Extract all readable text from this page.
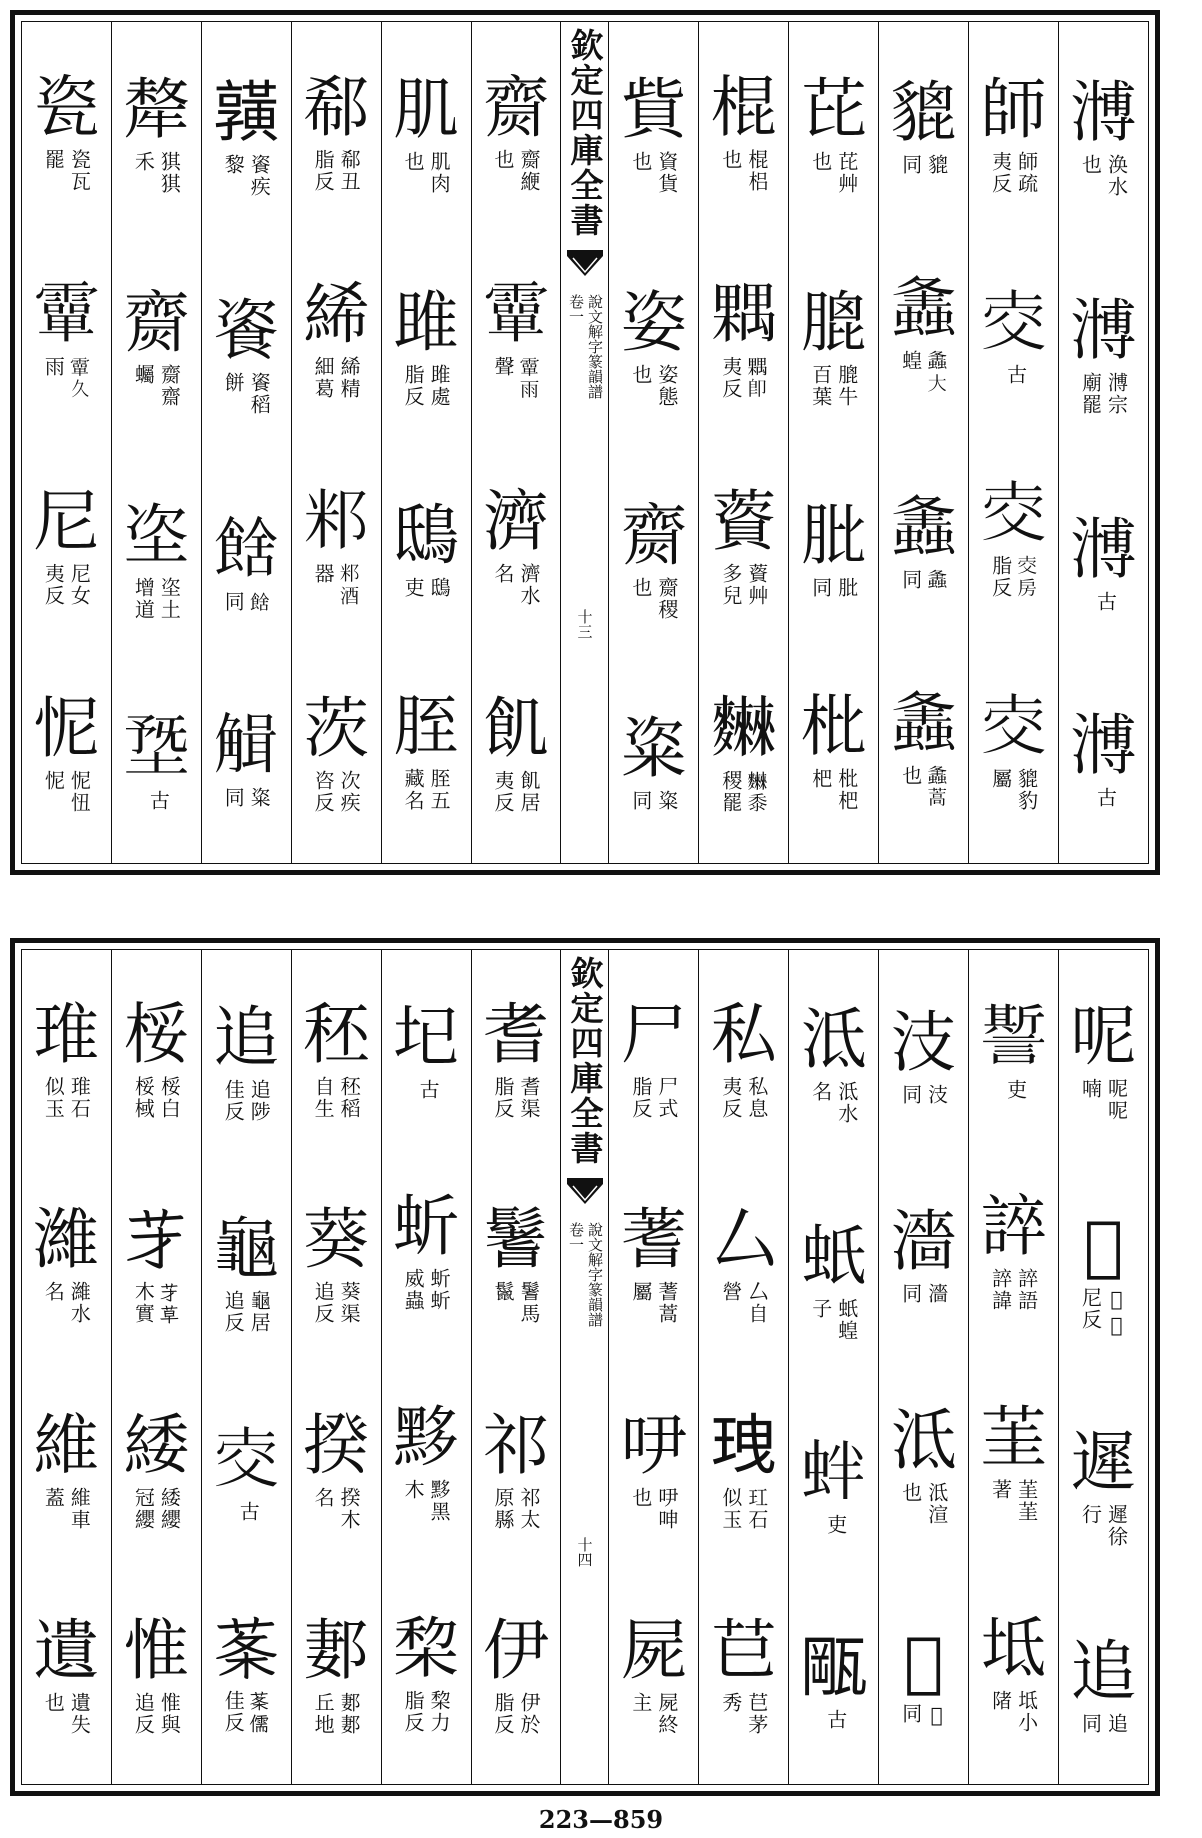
𣽡
涣水
也
𣽡
𣽡宗
廟罷
𣽡
古
𣽡
古
師
師疏
夷反
𤕐
古
𤕐
𤕐房
脂反
𤕐
貔豹
屬
貔
貔
同
𧒒
𧒒大
蝗
𧒒
𧒒
同
𧒒
𧒒蒿
也
芘
芘艸
也
膍
膍牛
百葉
肶
肶
同
枇
枇杷
杷
棍
棍梠
也
𣜢
𣜢即
夷反
薋
薋艸
多兒
𪎂
𪎂黍
稷罷
貲
資貨
也
姿
姿態
也
齌
齌稷
也
粢
粢
同
欽定四庫全書
說文解字篆韻譜
卷一
十三
齌
齌緶
也
𩅦
𩅦雨
聲
濟
濟水
名
飢
飢居
夷反
肌
肌肉
也
雎
雎處
脂反
鴟
鴟
吏
胵
胵五
藏名
郗
郗丑
脂反
絺
絺精
細葛
𥸬
𥸬酒
器
茨
次疾
咨反
𪏆
餈疾
黎
餈
餈稻
餅
𩜉
𩜉
同
𧤏
粢
同
犛
猉猉
禾
齌
齌齋
蠾
垐
垐土
增道
𡍳
古
瓷
瓷瓦
罷
𩅦
𩅦久
雨
尼
尼女
夷反
怩
怩忸
怩
呢
呢呢
喃
𡏧
𡏧直
尼反
遲
遲徐
行
追
追
同
𧬊
吏
誶
誶語
誶諱
茥
茥茥
著
坻
坻小
陼
汥
汥
同
濇
濇
同
泜
泜渲
也
𧴼
𧴼
同
泜
泜水
名
蚔
蚔蝗
子
𧉻
吏
𤭛
古
私
私息
夷反
厶
厶自
營
𤤺
玒石
似玉
𦬊
𦬊茅
秀
尸
尸式
脂反
蓍
蓍蒿
屬
吚
吚呻
也
屍
屍終
主
欽定四庫全書
說文解字篆韻譜
卷一
十四
耆
耆渠
脂反
鬐
鬐馬
鬣
祁
祁太
原縣
伊
伊於
脂反
𡉏
古
蚚
蚚蚚
威蟲
黟
黟黑
木
棃
棃力
脂反
秠
秠稻
自生
葵
葵渠
追反
揆
揆木
名
郪
郪郪
丘地
追
追陟
佳反
龜
龜居
追反
𤕐
古
𦰏
𦰏儒
佳反
桵
桵白
桵棫
𦬁
𦬁草
木實
緌
緌纓
冠纓
惟
惟與
追反
琟
琟石
似玉
濰
濰水
名
維
維車
蓋
遺
遺失
也
223—859
